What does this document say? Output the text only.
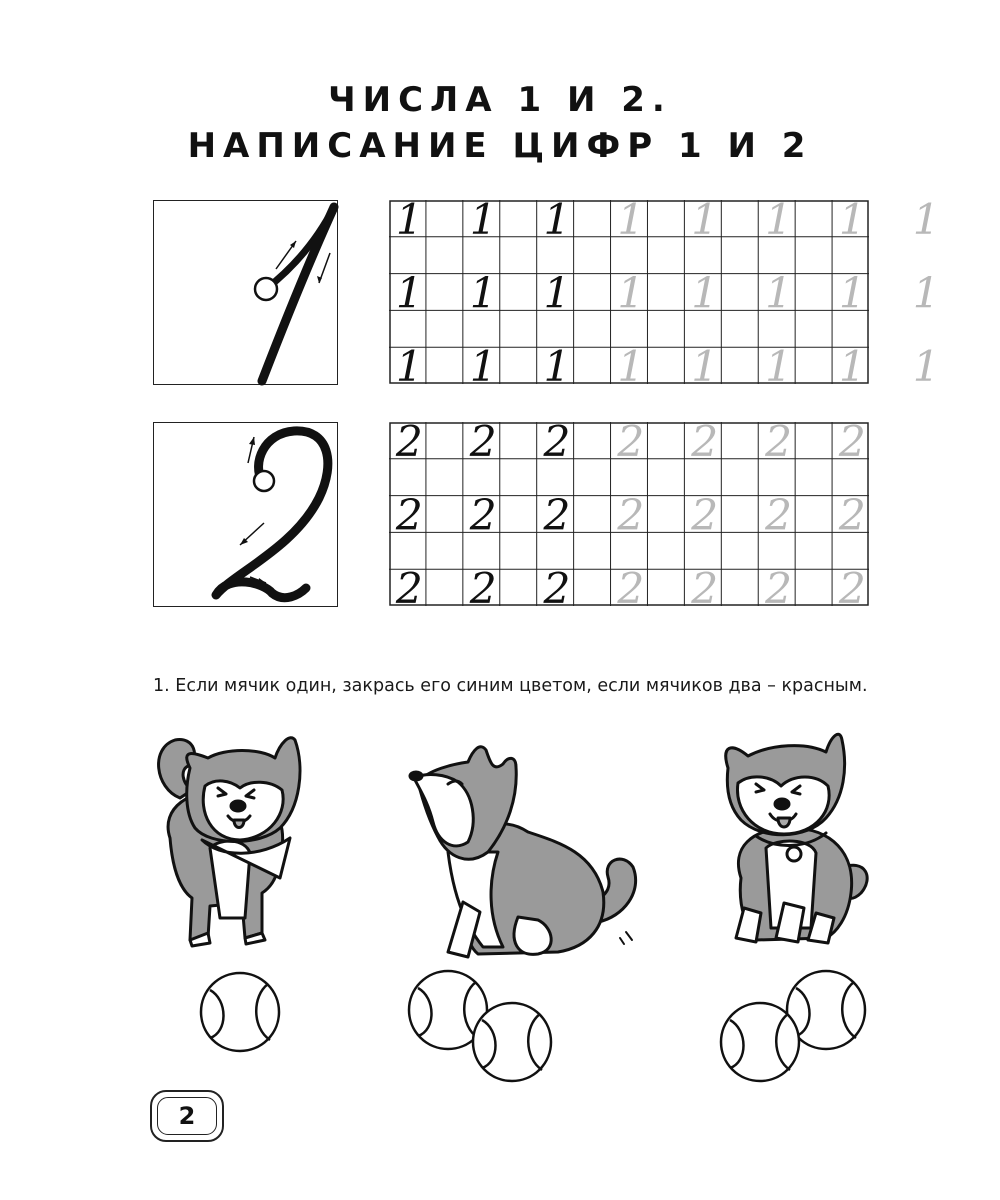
ЧИСЛА 1 И 2.
НАПИСАНИЕ ЦИФР 1 И 2
1 1 1 1 1 1 1 1
1 1 1 1 1 1 1 1
1 1 1 1 1 1 1 1
2 2 2 2 2 2 2
2 2 2 2 2 2 2
2 2 2 2 2 2 2
1. Если мячик один, закрась его синим цветом, если мячиков два – красным.
2
